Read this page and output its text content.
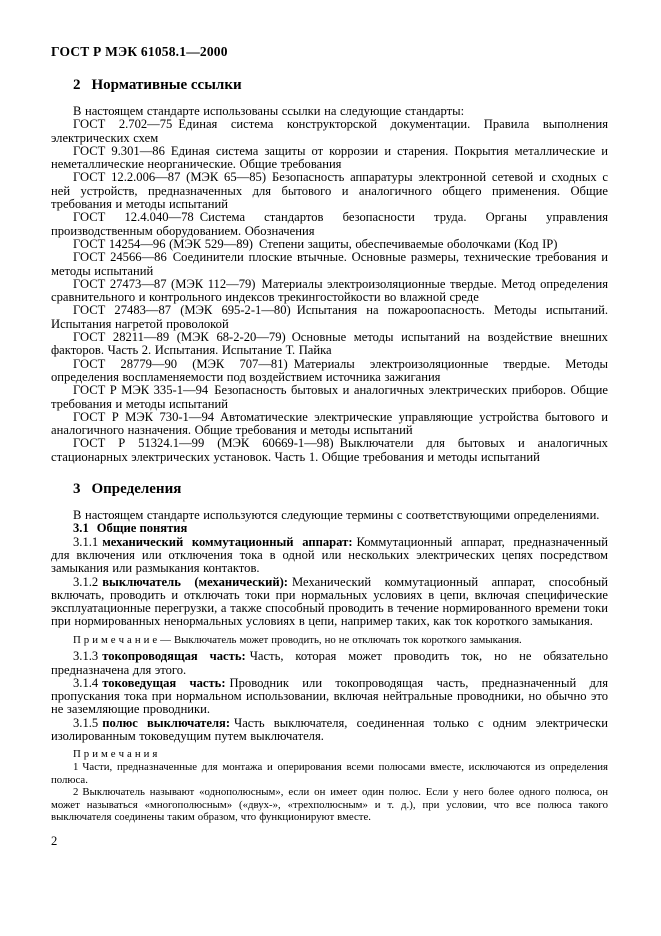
ГОСТ Р МЭК 61058.1—2000
2 Нормативные ссылки

В настоящем стандарте использованы ссылки на следующие стандарты:

ГОСТ 2.702—75 Единая система конструкторской документации. Правила выполнения электрических схем

ГОСТ 9.301—86 Единая система защиты от коррозии и старения. Покрытия металлические и неметаллические неорганические. Общие требования

ГОСТ 12.2.006—87 (МЭК 65—85) Безопасность аппаратуры электронной сетевой и сходных с ней устройств, предназначенных для бытового и аналогичного общего применения. Общие требования и методы испытаний

ГОСТ 12.4.040—78 Система стандартов безопасности труда. Органы управления производственным оборудованием. Обозначения

ГОСТ 14254—96 (МЭК 529—89) Степени защиты, обеспечиваемые оболочками (Код IP)

ГОСТ 24566—86 Соединители плоские втычные. Основные размеры, технические требования и методы испытаний

ГОСТ 27473—87 (МЭК 112—79) Материалы электроизоляционные твердые. Метод определения сравнительного и контрольного индексов трекингостойкости во влажной среде

ГОСТ 27483—87 (МЭК 695-2-1—80) Испытания на пожароопасность. Методы испытаний. Испытания нагретой проволокой

ГОСТ 28211—89 (МЭК 68-2-20—79) Основные методы испытаний на воздействие внешних факторов. Часть 2. Испытания. Испытание Т. Пайка

ГОСТ 28779—90 (МЭК 707—81) Материалы электроизоляционные твердые. Методы определения воспламеняемости под воздействием источника зажигания

ГОСТ Р МЭК 335-1—94 Безопасность бытовых и аналогичных электрических приборов. Общие требования и методы испытаний

ГОСТ Р МЭК 730-1—94 Автоматические электрические управляющие устройства бытового и аналогичного назначения. Общие требования и методы испытаний

ГОСТ Р 51324.1—99 (МЭК 60669-1—98) Выключатели для бытовых и аналогичных стационарных электрических установок. Часть 1. Общие требования и методы испытаний

3 Определения

В настоящем стандарте используются следующие термины с соответствующими определениями.

3.1 Общие понятия

3.1.1 механический коммутационный аппарат: Коммутационный аппарат, предназначенный для включения или отключения тока в одной или нескольких электрических цепях посредством замыкания или размыкания контактов.

3.1.2 выключатель (механический): Механический коммутационный аппарат, способный включать, проводить и отключать токи при нормальных условиях в цепи, включая специфические эксплуатационные перегрузки, а также способный проводить в течение нормированного времени токи при нормированных ненормальных условиях в цепи, например таких, как ток короткого замыкания.

П р и м е ч а н и е — Выключатель может проводить, но не отключать ток короткого замыкания.

3.1.3 токопроводящая часть: Часть, которая может проводить ток, но не обязательно предназначена для этого.

3.1.4 токоведущая часть: Проводник или токопроводящая часть, предназначенный для пропускания тока при нормальном использовании, включая нейтральные проводники, но обычно это не заземляющие проводники.

3.1.5 полюс выключателя: Часть выключателя, соединенная только с одним электрически изолированным токоведущим путем выключателя.

П р и м е ч а н и я

1 Части, предназначенные для монтажа и оперирования всеми полюсами вместе, исключаются из определения полюса.

2 Выключатель называют «однополюсным», если он имеет один полюс. Если у него более одного полюса, он может называться «многополюсным» («двух-», «трехполюсным» и т. д.), при условии, что все полюса такого выключателя соединены таким образом, что функционируют вместе.

2
